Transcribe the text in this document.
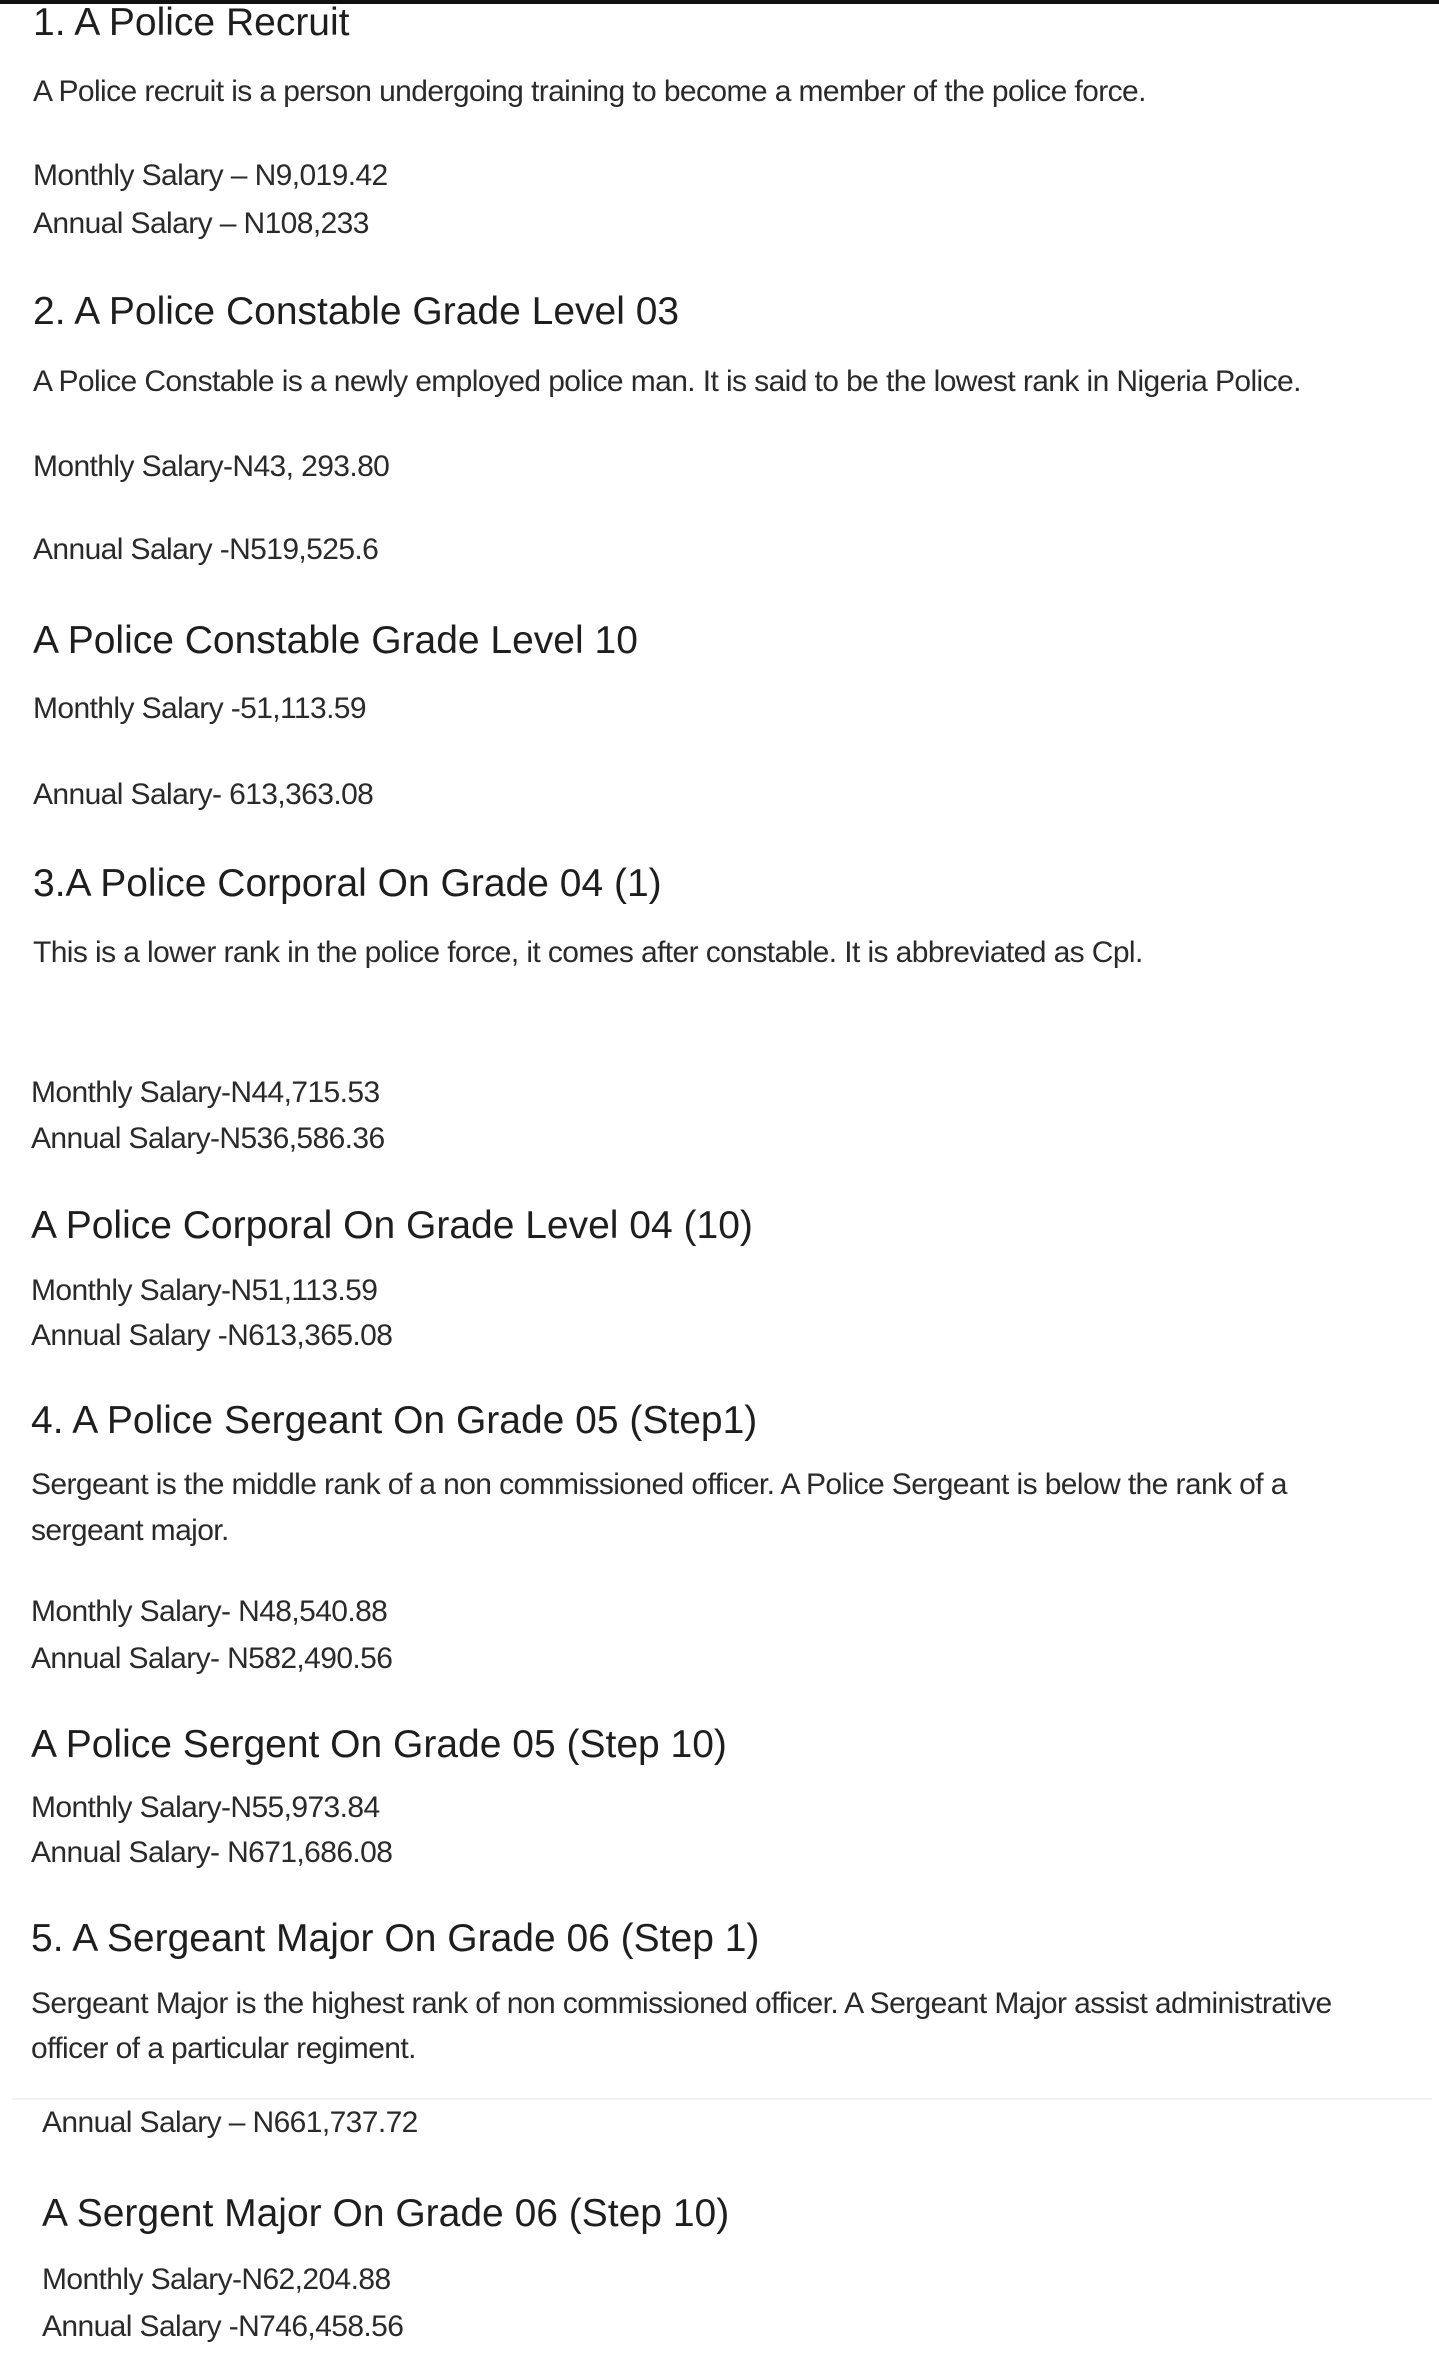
1. A Police Recruit
A Police recruit is a person undergoing training to become a member of the police force.
Monthly Salary – N9,019.42
Annual Salary – N108,233
2. A Police Constable Grade Level 03
A Police Constable is a newly employed police man. It is said to be the lowest rank in Nigeria Police.
Monthly Salary-N43, 293.80
Annual Salary -N519,525.6
A Police Constable Grade Level 10
Monthly Salary -51,113.59
Annual Salary- 613,363.08
3.A Police Corporal On Grade 04 (1)
This is a lower rank in the police force, it comes after constable. It is abbreviated as Cpl.
Monthly Salary-N44,715.53
Annual Salary-N536,586.36
A Police Corporal On Grade Level 04 (10)
Monthly Salary-N51,113.59
Annual Salary -N613,365.08
4. A Police Sergeant On Grade 05 (Step1)
Sergeant is the middle rank of a non commissioned officer. A Police Sergeant is below the rank of a
sergeant major.
Monthly Salary- N48,540.88
Annual Salary- N582,490.56
A Police Sergent On Grade 05 (Step 10)
Monthly Salary-N55,973.84
Annual Salary- N671,686.08
5. A Sergeant Major On Grade 06 (Step 1)
Sergeant Major is the highest rank of non commissioned officer. A Sergeant Major assist administrative
officer of a particular regiment.
Annual Salary – N661,737.72
A Sergent Major On Grade 06 (Step 10)
Monthly Salary-N62,204.88
Annual Salary -N746,458.56
